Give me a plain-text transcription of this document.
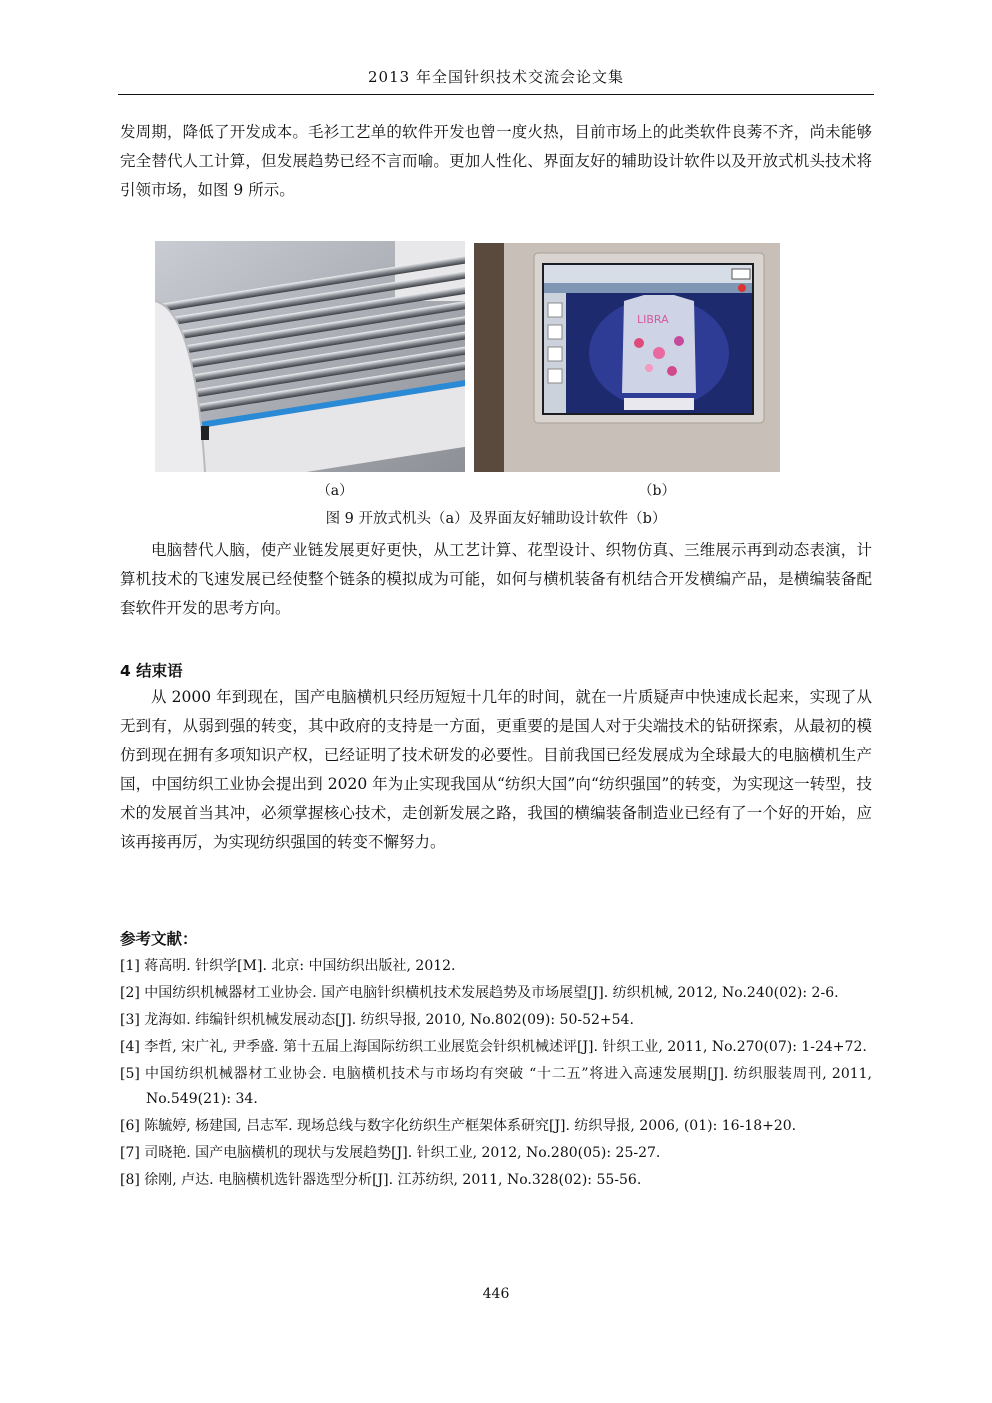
2013 年全国针织技术交流会论文集

发周期，降低了开发成本。毛衫工艺单的软件开发也曾一度火热，目前市场上的此类软件良莠不齐，尚未能够完全替代人工计算，但发展趋势已经不言而喻。更加人性化、界面友好的辅助设计软件以及开放式机头技术将引领市场，如图 9 所示。

LIBRA
（a）	（b）
图 9 开放式机头（a）及界面友好辅助设计软件（b）

电脑替代人脑，使产业链发展更好更快，从工艺计算、花型设计、织物仿真、三维展示再到动态表演，计算机技术的飞速发展已经使整个链条的模拟成为可能，如何与横机装备有机结合开发横编产品，是横编装备配套软件开发的思考方向。

4 结束语

从 2000 年到现在，国产电脑横机只经历短短十几年的时间，就在一片质疑声中快速成长起来，实现了从无到有，从弱到强的转变，其中政府的支持是一方面，更重要的是国人对于尖端技术的钻研探索，从最初的模仿到现在拥有多项知识产权，已经证明了技术研发的必要性。目前我国已经发展成为全球最大的电脑横机生产国，中国纺织工业协会提出到 2020 年为止实现我国从“纺织大国”向“纺织强国”的转变，为实现这一转型，技术的发展首当其冲，必须掌握核心技术，走创新发展之路，我国的横编装备制造业已经有了一个好的开始，应该再接再厉，为实现纺织强国的转变不懈努力。

参考文献：
[1] 蒋高明. 针织学[M]. 北京: 中国纺织出版社, 2012.
[2] 中国纺织机械器材工业协会. 国产电脑针织横机技术发展趋势及市场展望[J]. 纺织机械, 2012, No.240(02): 2-6.
[3] 龙海如. 纬编针织机械发展动态[J]. 纺织导报, 2010, No.802(09): 50-52+54.
[4] 李哲, 宋广礼, 尹季盛. 第十五届上海国际纺织工业展览会针织机械述评[J]. 针织工业, 2011, No.270(07): 1-24+72.
[5] 中国纺织机械器材工业协会. 电脑横机技术与市场均有突破 “十二五”将进入高速发展期[J]. 纺织服装周刊, 2011, No.549(21): 34.
[6] 陈毓婷, 杨建国, 吕志军. 现场总线与数字化纺织生产框架体系研究[J]. 纺织导报, 2006, (01): 16-18+20.
[7] 司晓艳. 国产电脑横机的现状与发展趋势[J]. 针织工业, 2012, No.280(05): 25-27.
[8] 徐刚, 卢达. 电脑横机选针器选型分析[J]. 江苏纺织, 2011, No.328(02): 55-56.
446
